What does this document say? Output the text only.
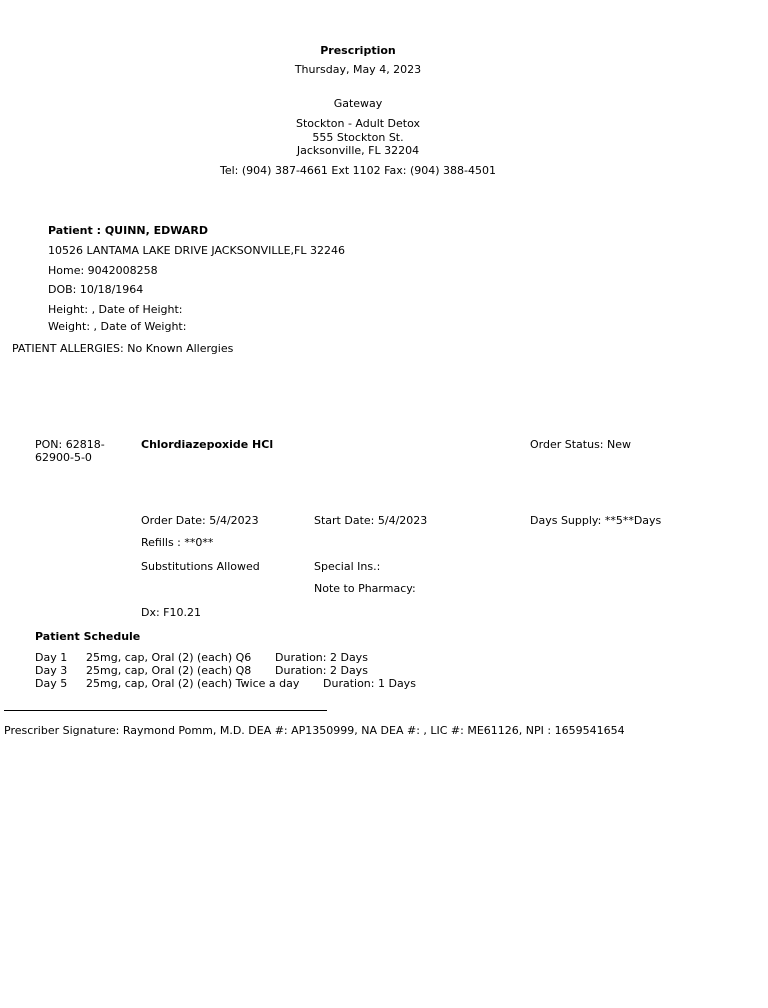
Prescription
Thursday, May 4, 2023
Gateway
Stockton - Adult Detox
555 Stockton St.
Jacksonville, FL 32204
Tel: (904) 387-4661 Ext 1102 Fax: (904) 388-4501
Patient : QUINN, EDWARD
10526 LANTAMA LAKE DRIVE JACKSONVILLE,FL 32246
Home: 9042008258
DOB: 10/18/1964
Height: , Date of Height:
Weight: , Date of Weight:
PATIENT ALLERGIES: No Known Allergies
PON: 62818-
62900-5-0
Chlordiazepoxide HCl	Order Status: New
Order Date: 5/4/2023	Start Date: 5/4/2023	Days Supply: **5**Days
Refills : **0**
Substitutions Allowed	Special Ins.:
Note to Pharmacy:
Dx: F10.21
Patient Schedule
Day 1 25mg, cap, Oral (2) (each) Q6 Duration: 2 Days
Day 3 25mg, cap, Oral (2) (each) Q8 Duration: 2 Days
Day 5 25mg, cap, Oral (2) (each) Twice a day Duration: 1 Days
Prescriber Signature: Raymond Pomm, M.D. DEA #: AP1350999, NA DEA #: , LIC #: ME61126, NPI : 1659541654
